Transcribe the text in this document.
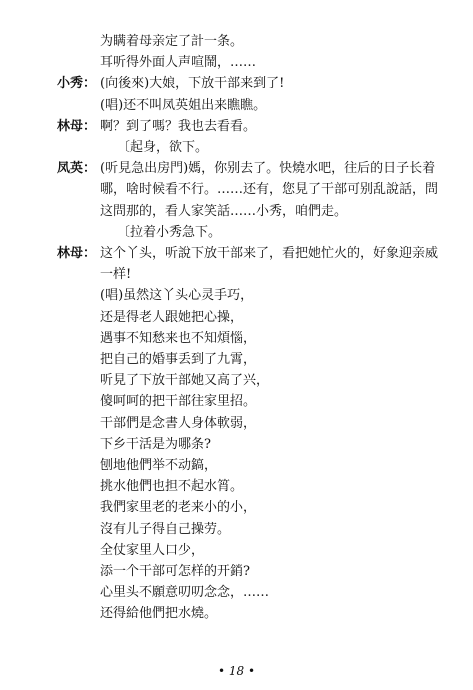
为瞒着母亲定了計一条。
耳听得外面人声喧鬧，……
小秀： (向後來)大娘，下放干部来到了!
(唱)还不叫凤英姐出来瞧瞧。
林母： 啊？到了嗎？我也去看看。
〔起身，欲下。
凤英： (听見急出房門)媽，你别去了。快燒水吧，往后的日子长着
哪，啥时候看不行。……还有，您見了干部可别乱說話，問
这問那的，看人家笑話……小秀，咱們走。
〔拉着小秀急下。
林母： 这个丫头，听說下放干部来了，看把她忙火的，好象迎亲威
一样!
(唱)虽然这丫头心灵手巧，
还是得老人跟她把心操，
遇事不知愁来也不知煩惱，
把自己的婚事丢到了九霄，
听見了下放干部她又高了兴，
傻呵呵的把干部往家里招。
干部們是念書人身体軟弱，
下乡干活是为哪条?
刨地他們举不动鎬，
挑水他們也担不起水筲。
我們家里老的老来小的小，
沒有儿子得自己操劳。
全仗家里人口少，
添一个干部可怎样的开銷?
心里头不願意叨叨念念，……
还得給他們把水燒。
• 18 •
